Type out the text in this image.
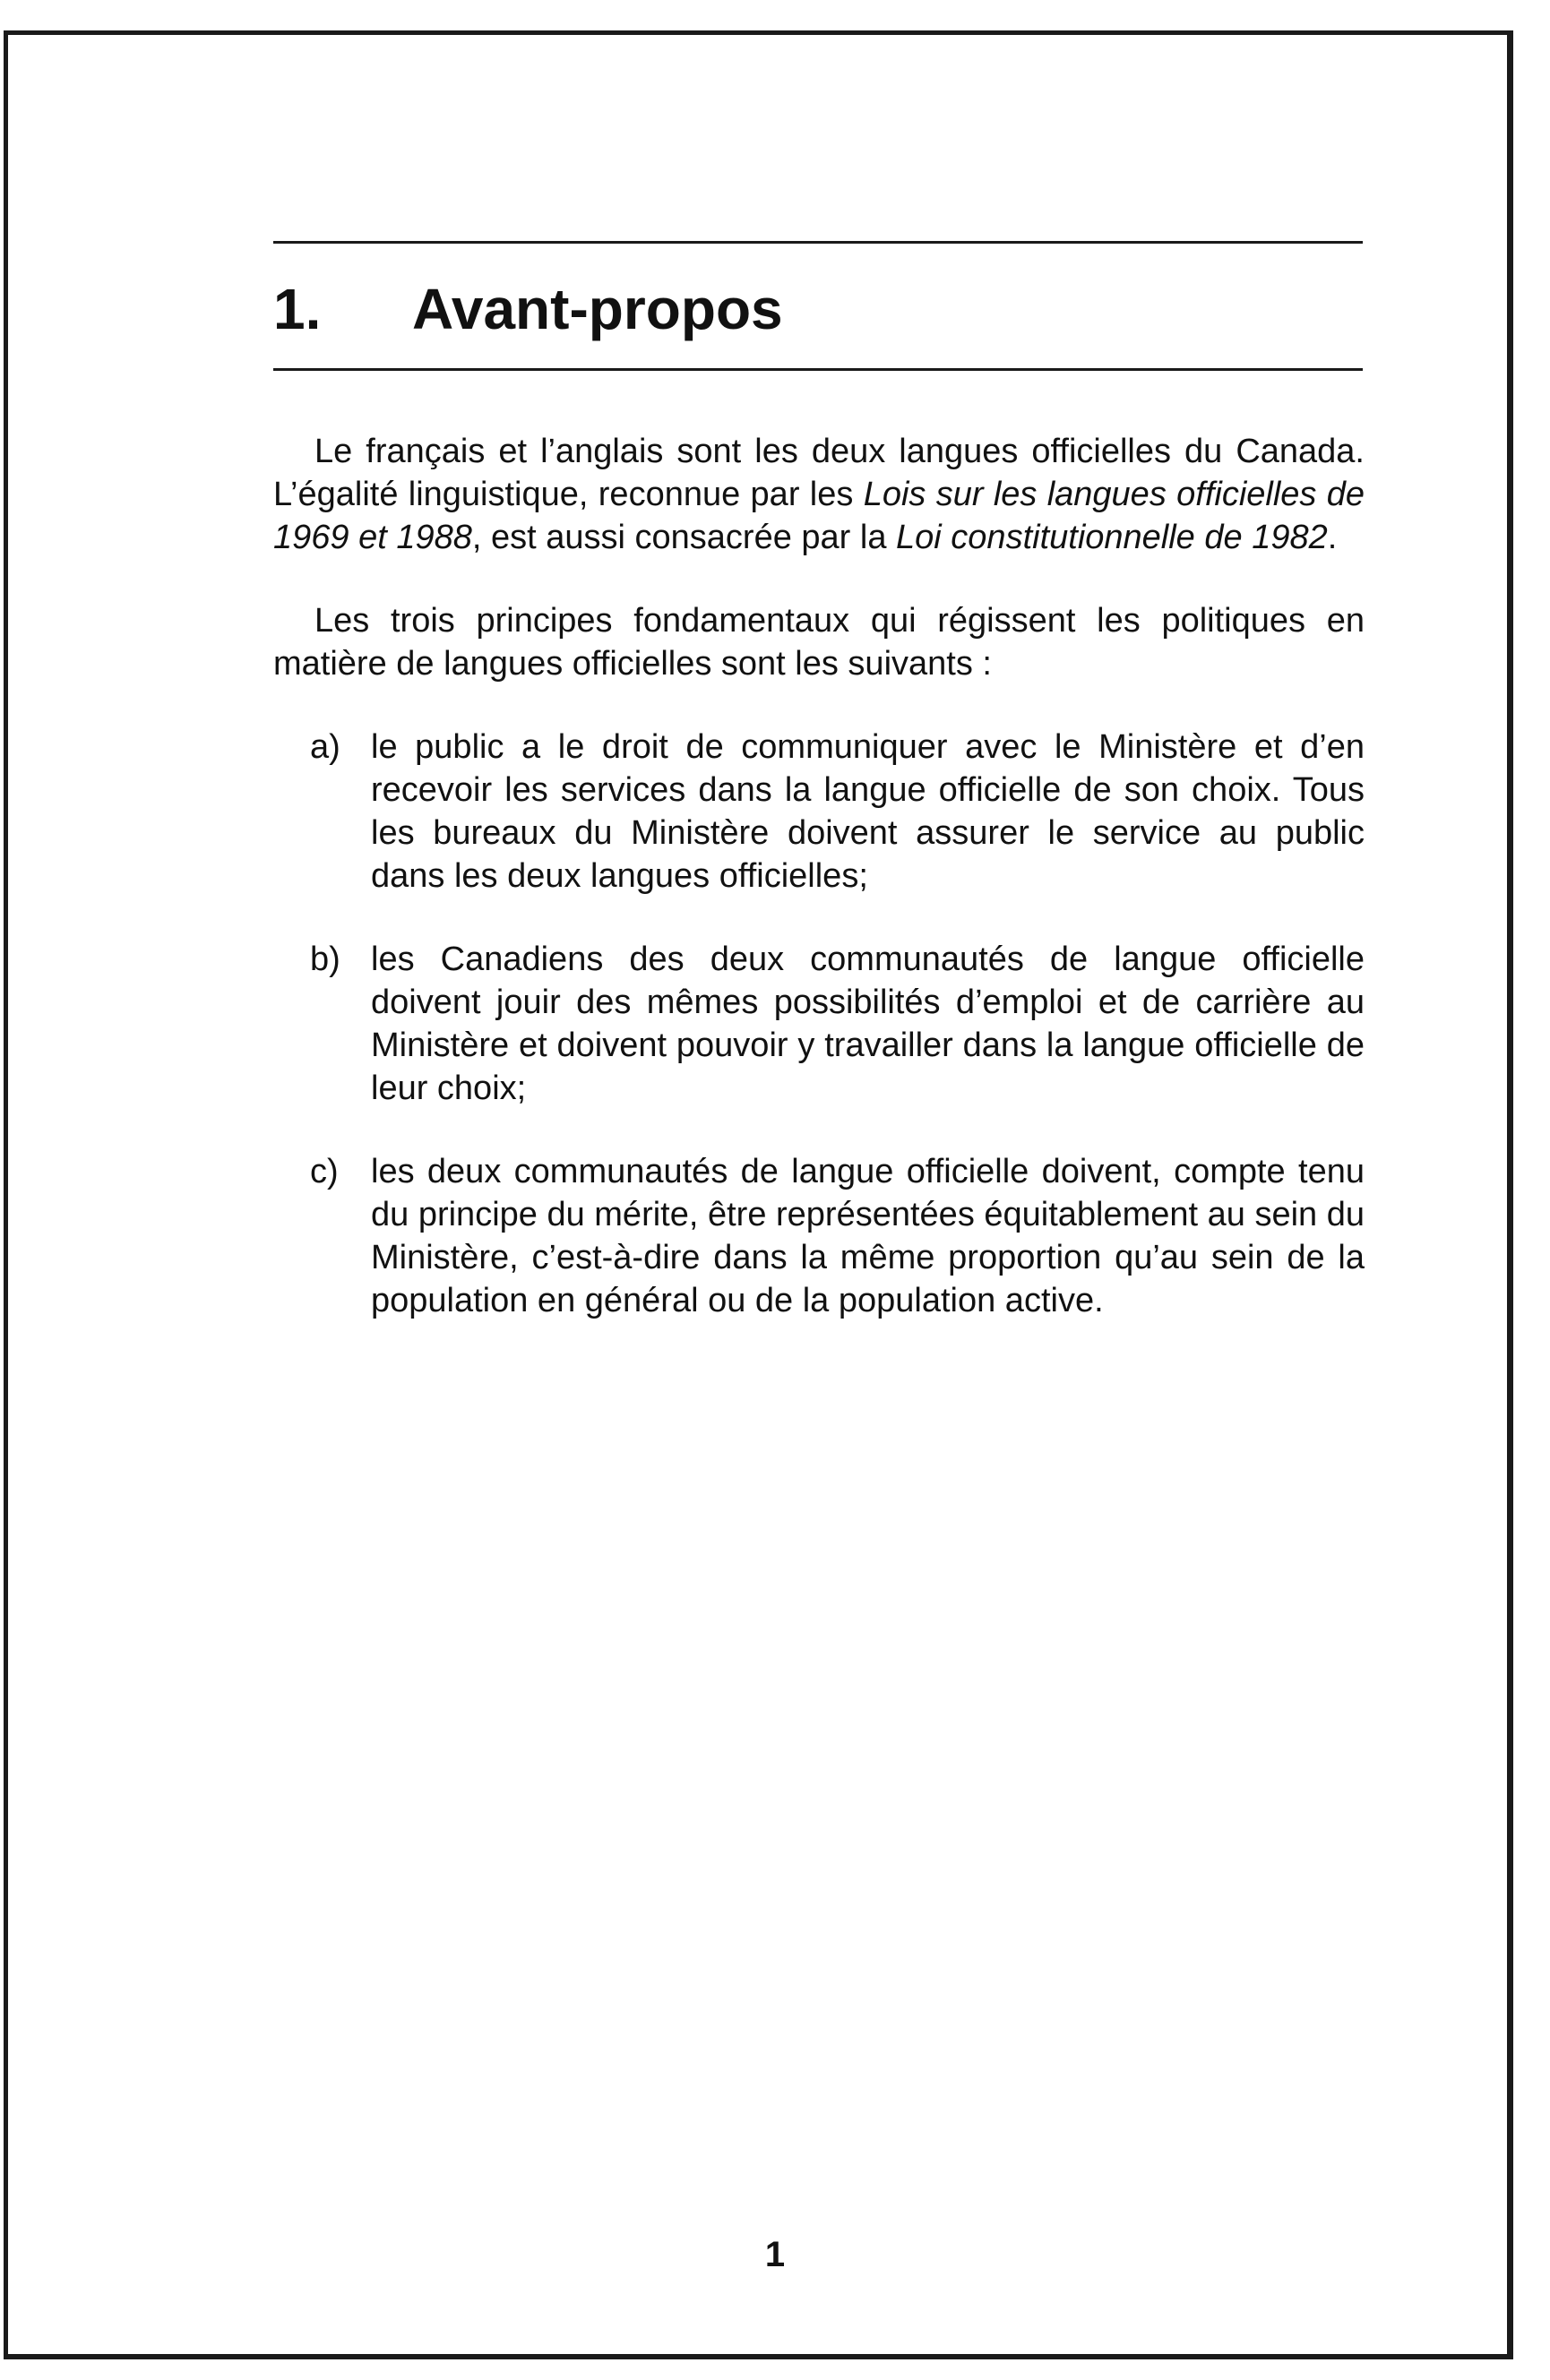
1. Avant-propos

Le français et l’anglais sont les deux langues officielles du Canada. L’égalité linguistique, reconnue par les Lois sur les langues officielles de 1969 et 1988, est aussi consacrée par la Loi constitutionnelle de 1982.

Les trois principes fondamentaux qui régissent les politiques en matière de langues officielles sont les suivants :

a) le public a le droit de communiquer avec le Ministère et d’en recevoir les services dans la langue officielle de son choix. Tous les bureaux du Ministère doivent assurer le service au public dans les deux langues officielles;
b) les Canadiens des deux communautés de langue officielle doivent jouir des mêmes possibilités d’emploi et de carrière au Ministère et doivent pouvoir y travailler dans la langue officielle de leur choix;
c) les deux communautés de langue officielle doivent, compte tenu du principe du mérite, être représentées équitablement au sein du Ministère, c’est-à-dire dans la même proportion qu’au sein de la population en général ou de la population active.
1
